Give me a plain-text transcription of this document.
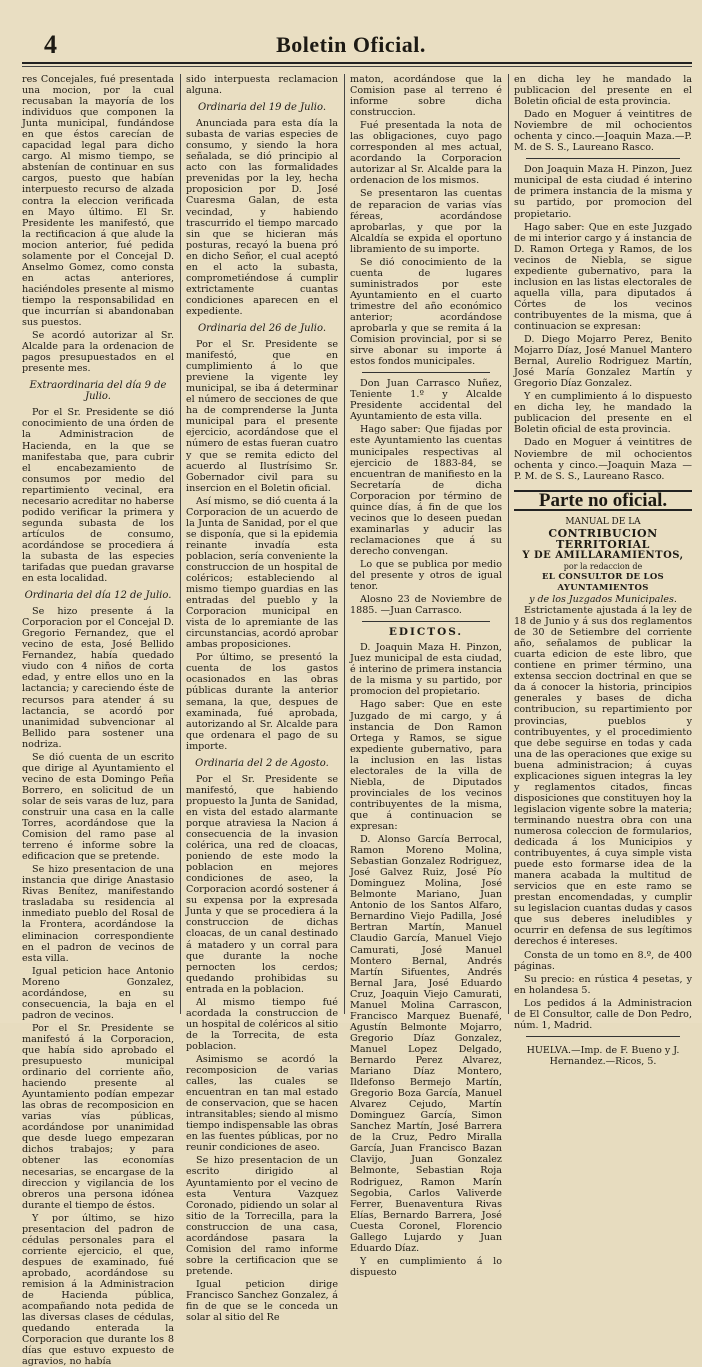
4	Boletin Oficial.

res Concejales, fué presentada una mocion, por la cual recusaban la mayoría de los individuos que componen la Junta municipal, fundándose en que éstos carecían de capacidad legal para dicho cargo. Al mismo tiempo, se abstenían de continuar en sus cargos, puesto que habían interpuesto recurso de alzada contra la eleccion verificada en Mayo último. El Sr. Presidente les manifestó, que la rectificacion á que alude la mocion anterior, fué pedida solamente por el Concejal D. Anselmo Gomez, como consta en actas anteriores, haciéndoles presente al mismo tiempo la responsabilidad en que incurrían si abandonaban sus puestos.

Se acordó autorizar al Sr. Alcalde para la ordenacion de pagos presupuestados en el presente mes.

Extraordinaria del día 9 de Julio.

Por el Sr. Presidente se dió conocimiento de una órden de la Administracion de Hacienda, en la que se manifestaba que, para cubrir el encabezamiento de consumos por medio del repartimiento vecinal, era necesario acreditar no haberse podido verificar la primera y segunda subasta de los artículos de consumo, acordándose se procediera á la subasta de las especies tarifadas que puedan gravarse en esta localidad.

Ordinaria del día 12 de Julio.

Se hizo presente á la Corporacion por el Concejal D. Gregorio Fernandez, que el vecino de esta, José Bellido Fernandez, había quedado viudo con 4 niños de corta edad, y entre ellos uno en la lactancia; y careciendo éste de recursos para atender á su lactancia, se acordó por unanimidad subvencionar al Bellido para sostener una nodriza.

Se dió cuenta de un escrito que dirige al Ayuntamiento el vecino de esta Domingo Peña Borrero, en solicitud de un solar de seis varas de luz, para construir una casa en la calle Torres, acordándose que la Comision del ramo pase al terreno é informe sobre la edificacion que se pretende.

Se hizo presentacion de una instancia que dirige Anastasio Rivas Benítez, manifestando trasladaba su residencia al inmediato pueblo del Rosal de la Frontera, acordándose la eliminacion correspondiente en el padron de vecinos de esta villa.

Igual peticion hace Antonio Moreno Gonzalez, acordándose, en su consecuencia, la baja en el padron de vecinos.

Por el Sr. Presidente se manifestó á la Corporacion, que había sido aprobado el presupuesto municipal ordinario del corriente año, haciendo presente al Ayuntamiento podían empezar las obras de recomposicion en varias vías públicas, acordándose por unanimidad que desde luego empezaran dichos trabajos; y para obtener las economías necesarias, se encargase de la direccion y vigilancia de los obreros una persona idónea durante el tiempo de éstos.

Y por último, se hizo presentacion del padron de cédulas personales para el corriente ejercicio, el que, despues de examinado, fué aprobado, acordándose su remision á la Administracion de Hacienda pública, acompañando nota pedida de las diversas clases de cédulas, quedando enterada la Corporacion que durante los 8 días que estuvo expuesto de agravios, no había

sido interpuesta reclamacion alguna.

Ordinaria del 19 de Julio.

Anunciada para esta día la subasta de varias especies de consumo, y siendo la hora señalada, se dió principio al acto con las formalidades prevenidas por la ley, hecha proposicion por D. José Cuaresma Galan, de esta vecindad, y habiendo trascurrido el tiempo marcado sin que se hicieran más posturas, recayó la buena pró en dicho Señor, el cual aceptó en el acto la subasta, comprometiéndose á cumplir extrictamente cuantas condiciones aparecen en el expediente.

Ordinaria del 26 de Julio.

Por el Sr. Presidente se manifestó, que en cumplimiento á lo que previene la vigente ley municipal, se iba á determinar el número de secciones de que ha de comprenderse la Junta municipal para el presente ejercicio, acordándose que el número de estas fueran cuatro y que se remita edicto del acuerdo al Ilustrísimo Sr. Gobernador civil para su insercion en el Boletin oficial.

Así mismo, se dió cuenta á la Corporacion de un acuerdo de la Junta de Sanidad, por el que se disponía, que si la epidemia reinante invadía esta poblacion, sería conveniente la construccion de un hospital de coléricos; estableciendo al mismo tiempo guardias en las entradas del pueblo y la Corporacion municipal en vista de lo apremiante de las circunstancias, acordó aprobar ambas proposiciones.

Por último, se presentó la cuenta de los gastos ocasionados en las obras públicas durante la anterior semana, la que, despues de examinada, fué aprobada, autorizando al Sr. Alcalde para que ordenara el pago de su importe.

Ordinaria del 2 de Agosto.

Por el Sr. Presidente se manifestó, que habiendo propuesto la Junta de Sanidad, en vista del estado alarmante porque atraviesa la Nacion á consecuencia de la invasion colérica, una red de cloacas, poniendo de este modo la poblacion en mejores condiciones de aseo, la Corporacion acordó sostener á su expensa por la expresada Junta y que se procediera á la construccion de dichas cloacas, de un canal destinado á matadero y un corral para que durante la noche pernocten los cerdos; quedando prohibidas su entrada en la poblacion.

Al mismo tiempo fué acordada la construccion de un hospital de coléricos al sitio de la Torrecita, de esta poblacion.

Asimismo se acordó la recomposicion de varias calles, las cuales se encuentran en tan mal estado de conservacion, que se hacen intransitables; siendo al mismo tiempo indispensable las obras en las fuentes públicas, por no reunir condiciones de aseo.

Se hizo presentacion de un escrito dirigido al Ayuntamiento por el vecino de esta Ventura Vazquez Coronado, pidiendo un solar al sitio de la Torrecilla, para la construccion de una casa, acordándose pasara la Comision del ramo informe sobre la certificacion que se pretende.

Igual peticion dirige Francisco Sanchez Gonzalez, á fin de que se le conceda un solar al sitio del Re

maton, acordándose que la Comision pase al terreno é informe sobre dicha construccion.

Fué presentada la nota de las obligaciones, cuyo pago corresponden al mes actual, acordando la Corporacion autorizar al Sr. Alcalde para la ordenacion de los mismos.

Se presentaron las cuentas de reparacion de varias vías féreas, acordándose aprobarlas, y que por la Alcaldía se expida el oportuno libramiento de su importe.

Se dió conocimiento de la cuenta de lugares suministrados por este Ayuntamiento en el cuarto trimestre del año económico anterior; acordándose aprobarla y que se remita á la Comision provincial, por si se sirve abonar su importe á estos fondos municipales.

Don Juan Carrasco Nuñez, Teniente 1.º y Alcalde Presidente accidental del Ayuntamiento de esta villa.

Hago saber: Que fijadas por este Ayuntamiento las cuentas municipales respectivas al ejercicio de 1883-84, se encuentran de manifiesto en la Secretaría de dicha Corporacion por término de quince días, á fin de que los vecinos que lo deseen puedan examinarlas y aducir las reclamaciones que á su derecho convengan.

Lo que se publica por medio del presente y otros de igual tenor.

Alosno 23 de Noviembre de 1885. —Juan Carrasco.

EDICTOS.

D. Joaquin Maza H. Pinzon, Juez municipal de esta ciudad, é interino de primera instancia de la misma y su partido, por promocion del propietario.

Hago saber: Que en este Juzgado de mi cargo, y á instancia de Don Ramon Ortega y Ramos, se sigue expediente gubernativo, para la inclusion en las listas electorales de la villa de Niebla, de Diputados provinciales de los vecinos contribuyentes de la misma, que á continuacion se expresan:

D. Alonso García Berrocal, Ramon Moreno Molina, Sebastian Gonzalez Rodriguez, José Galvez Ruiz, José Pío Dominguez Molina, José Belmonte Mariano, Juan Antonio de los Santos Alfaro, Bernardino Viejo Padilla, José Bertran Martín, Manuel Claudio García, Manuel Viejo Camurati, José Manuel Montero Bernal, Andrés Martín Sifuentes, Andrés Bernal Jara, José Eduardo Cruz, Joaquin Viejo Camurati, Manuel Molina Carrascon, Francisco Marquez Buenafé, Agustín Belmonte Mojarro, Gregorio Díaz Gonzalez, Manuel Lopez Delgado, Bernardo Perez Alvarez, Mariano Díaz Montero, Ildefonso Bermejo Martín, Gregorio Boza García, Manuel Alvarez Cejudo, Martín Dominguez García, Simon Sanchez Martín, José Barrera de la Cruz, Pedro Miralla García, Juan Francisco Bazan Clavijo, Juan Gonzalez Belmonte, Sebastian Roja Rodriguez, Ramon Marín Segobia, Carlos Valiverde Ferrer, Buenaventura Rivas Elías, Bernardo Barrera, José Cuesta Coronel, Florencio Gallego Lujardo y Juan Eduardo Díaz.

Y en cumplimiento á lo dispuesto

en dicha ley he mandado la publicacion del presente en el Boletin oficial de esta provincia.

Dado en Moguer á veintitres de Noviembre de mil ochocientos ochenta y cinco.—Joaquin Maza.—P. M. de S. S., Laureano Rasco.

Don Joaquin Maza H. Pinzon, Juez municipal de esta ciudad é interino de primera instancia de la misma y su partido, por promocion del propietario.

Hago saber: Que en este Juzgado de mi interior cargo y á instancia de D. Ramon Ortega y Ramos, de los vecinos de Niebla, se sigue expediente gubernativo, para la inclusion en las listas electorales de aquella villa, para diputados á Córtes de los vecinos contribuyentes de la misma, que á continuacion se expresan:

D. Diego Mojarro Perez, Benito Mojarro Díaz, José Manuel Mantero Bernal, Aurelio Rodriguez Martín, José María Gonzalez Martín y Gregorio Díaz Gonzalez.

Y en cumplimiento á lo dispuesto en dicha ley, he mandado la publicacion del presente en el Boletin oficial de esta provincia.

Dado en Moguer á veintitres de Noviembre de mil ochocientos ochenta y cinco.—Joaquin Maza — P. M. de S. S., Laureano Rasco.

Parte no oficial.
MANUAL DE LA
CONTRIBUCION TERRITORIAL
Y DE AMILLARAMIENTOS,
por la redaccion de
EL CONSULTOR DE LOS AYUNTAMIENTOS
y de los Juzgados Municipales.

Estrictamente ajustada á la ley de 18 de Junio y á sus dos reglamentos de 30 de Setiembre del corriente año, señalamos de publicar la cuarta edicion de este libro, que contiene en primer término, una extensa seccion doctrinal en que se da á conocer la historia, principios generales y bases de dicha contribucion, su repartimiento por provincias, pueblos y contribuyentes, y el procedimiento que debe seguirse en todas y cada una de las operaciones que exige su buena administracion; á cuyas explicaciones siguen integras la ley y reglamentos citados, fincas disposiciones que constituyen hoy la legislacion vigente sobre la materia; terminando nuestra obra con una numerosa coleccion de formularios, dedicada á los Municipios y contribuyentes, á cuya simple vista puede esto formarse idea de la manera acabada la multitud de servicios que en este ramo se prestan encomendadas, y cumplir su legislacion cuantas dudas y casos que sus deberes ineludibles y ocurrir en defensa de sus legítimos derechos é intereses.

Consta de un tomo en 8.º, de 400 páginas.

Su precio: en rústica 4 pesetas, y en holandesa 5.

Los pedidos á la Administracion de El Consultor, calle de Don Pedro, núm. 1, Madrid.

HUELVA.—Imp. de F. Bueno y J. Hernandez.—Ricos, 5.
